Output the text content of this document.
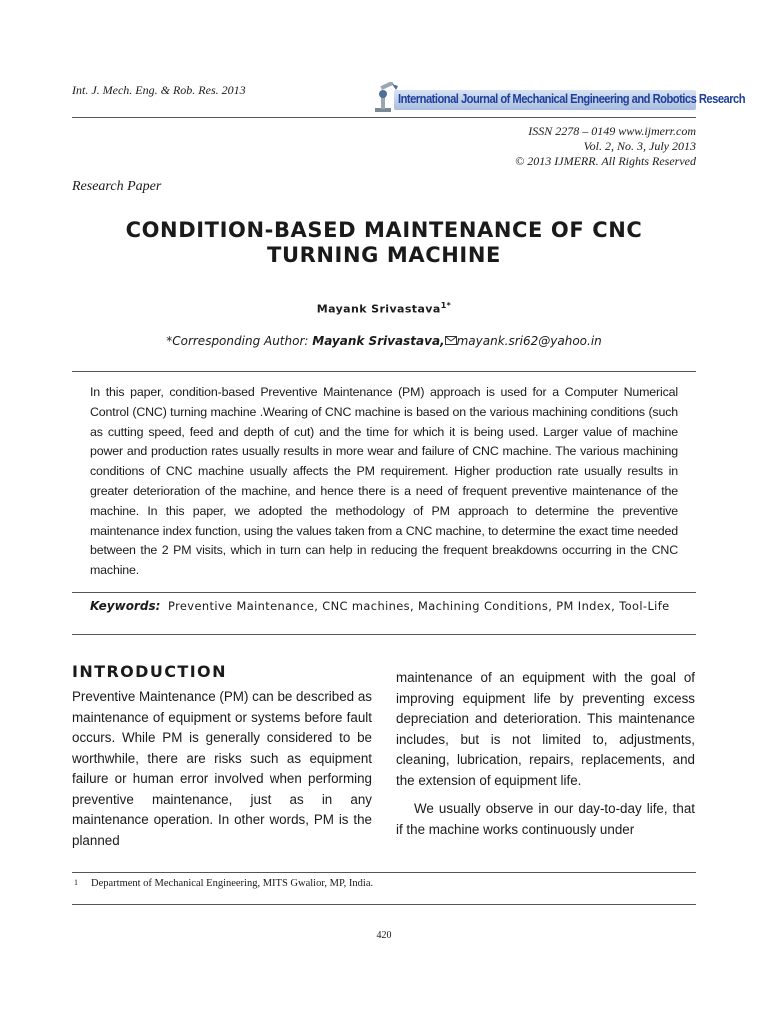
Int. J. Mech. Eng. & Rob. Res. 2013
International Journal of Mechanical Engineering and Robotics Research
ISSN 2278 – 0149 www.ijmerr.com
Vol. 2, No. 3, July 2013
© 2013 IJMERR. All Rights Reserved
Research Paper
CONDITION-BASED MAINTENANCE OF CNC TURNING MACHINE
Mayank Srivastava$^{1*}$
*Corresponding Author: Mayank Srivastava, mayank.sri62@yahoo.in
In this paper, condition-based Preventive Maintenance (PM) approach is used for a Computer Numerical Control (CNC) turning machine .Wearing of CNC machine is based on the various machining conditions (such as cutting speed, feed and depth of cut) and the time for which it is being used. Larger value of machine power and production rates usually results in more wear and failure of CNC machine. The various machining conditions of CNC machine usually affects the PM requirement. Higher production rate usually results in greater deterioration of the machine, and hence there is a need of frequent preventive maintenance of the machine. In this paper, we adopted the methodology of PM approach to determine the preventive maintenance index function, using the values taken from a CNC machine, to determine the exact time needed between the 2 PM visits, which in turn can help in reducing the frequent breakdowns occurring in the CNC machine.
Keywords: Preventive Maintenance, CNC machines, Machining Conditions, PM Index, Tool-Life
INTRODUCTION
Preventive Maintenance (PM) can be described as maintenance of equipment or systems before fault occurs. While PM is generally considered to be worthwhile, there are risks such as equipment failure or human error involved when performing preventive maintenance, just as in any maintenance operation. In other words, PM is the planned

maintenance of an equipment with the goal of improving equipment life by preventing excess depreciation and deterioration. This maintenance includes, but is not limited to, adjustments, cleaning, lubrication, repairs, replacements, and the extension of equipment life.

We usually observe in our day-to-day life, that if the machine works continuously under

1 Department of Mechanical Engineering, MITS Gwalior, MP, India.
420
